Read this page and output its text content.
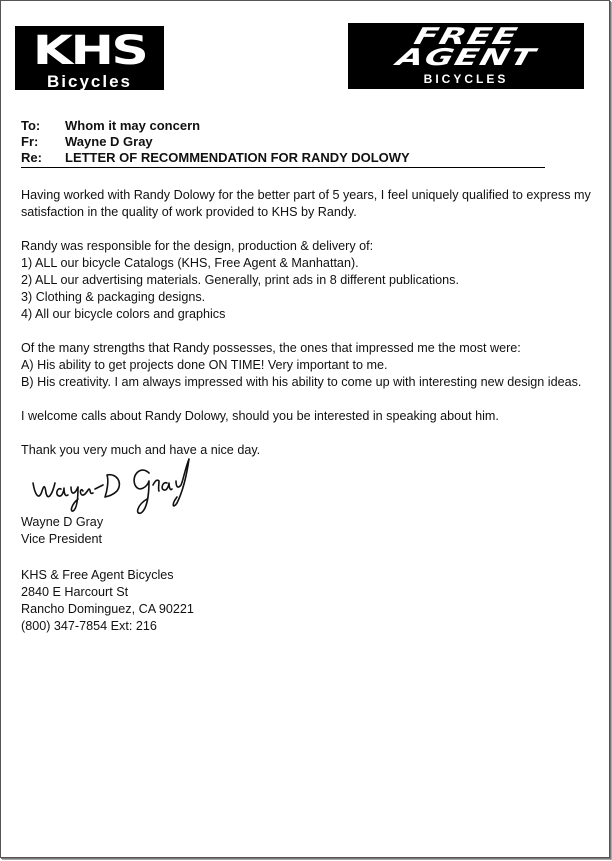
KHS
Bicycles
FREE
AGENT
BICYCLES
To: Whom it may concern
Fr: Wayne D Gray
Re: LETTER OF RECOMMENDATION FOR RANDY DOLOWY

Having worked with Randy Dolowy for the better part of 5 years, I feel uniquely qualified to express my
satisfaction in the quality of work provided to KHS by Randy.

Randy was responsible for the design, production & delivery of:
1) ALL our bicycle Catalogs (KHS, Free Agent & Manhattan).
2) ALL our advertising materials. Generally, print ads in 8 different publications.
3) Clothing & packaging designs.
4) All our bicycle colors and graphics

Of the many strengths that Randy possesses, the ones that impressed me the most were:
A) His ability to get projects done ON TIME! Very important to me.
B) His creativity. I am always impressed with his ability to come up with interesting new design ideas.

I welcome calls about Randy Dolowy, should you be interested in speaking about him.

Thank you very much and have a nice day.

Wayne D Gray
Vice President
KHS & Free Agent Bicycles
2840 E Harcourt St
Rancho Dominguez, CA 90221
(800) 347-7854 Ext: 216
